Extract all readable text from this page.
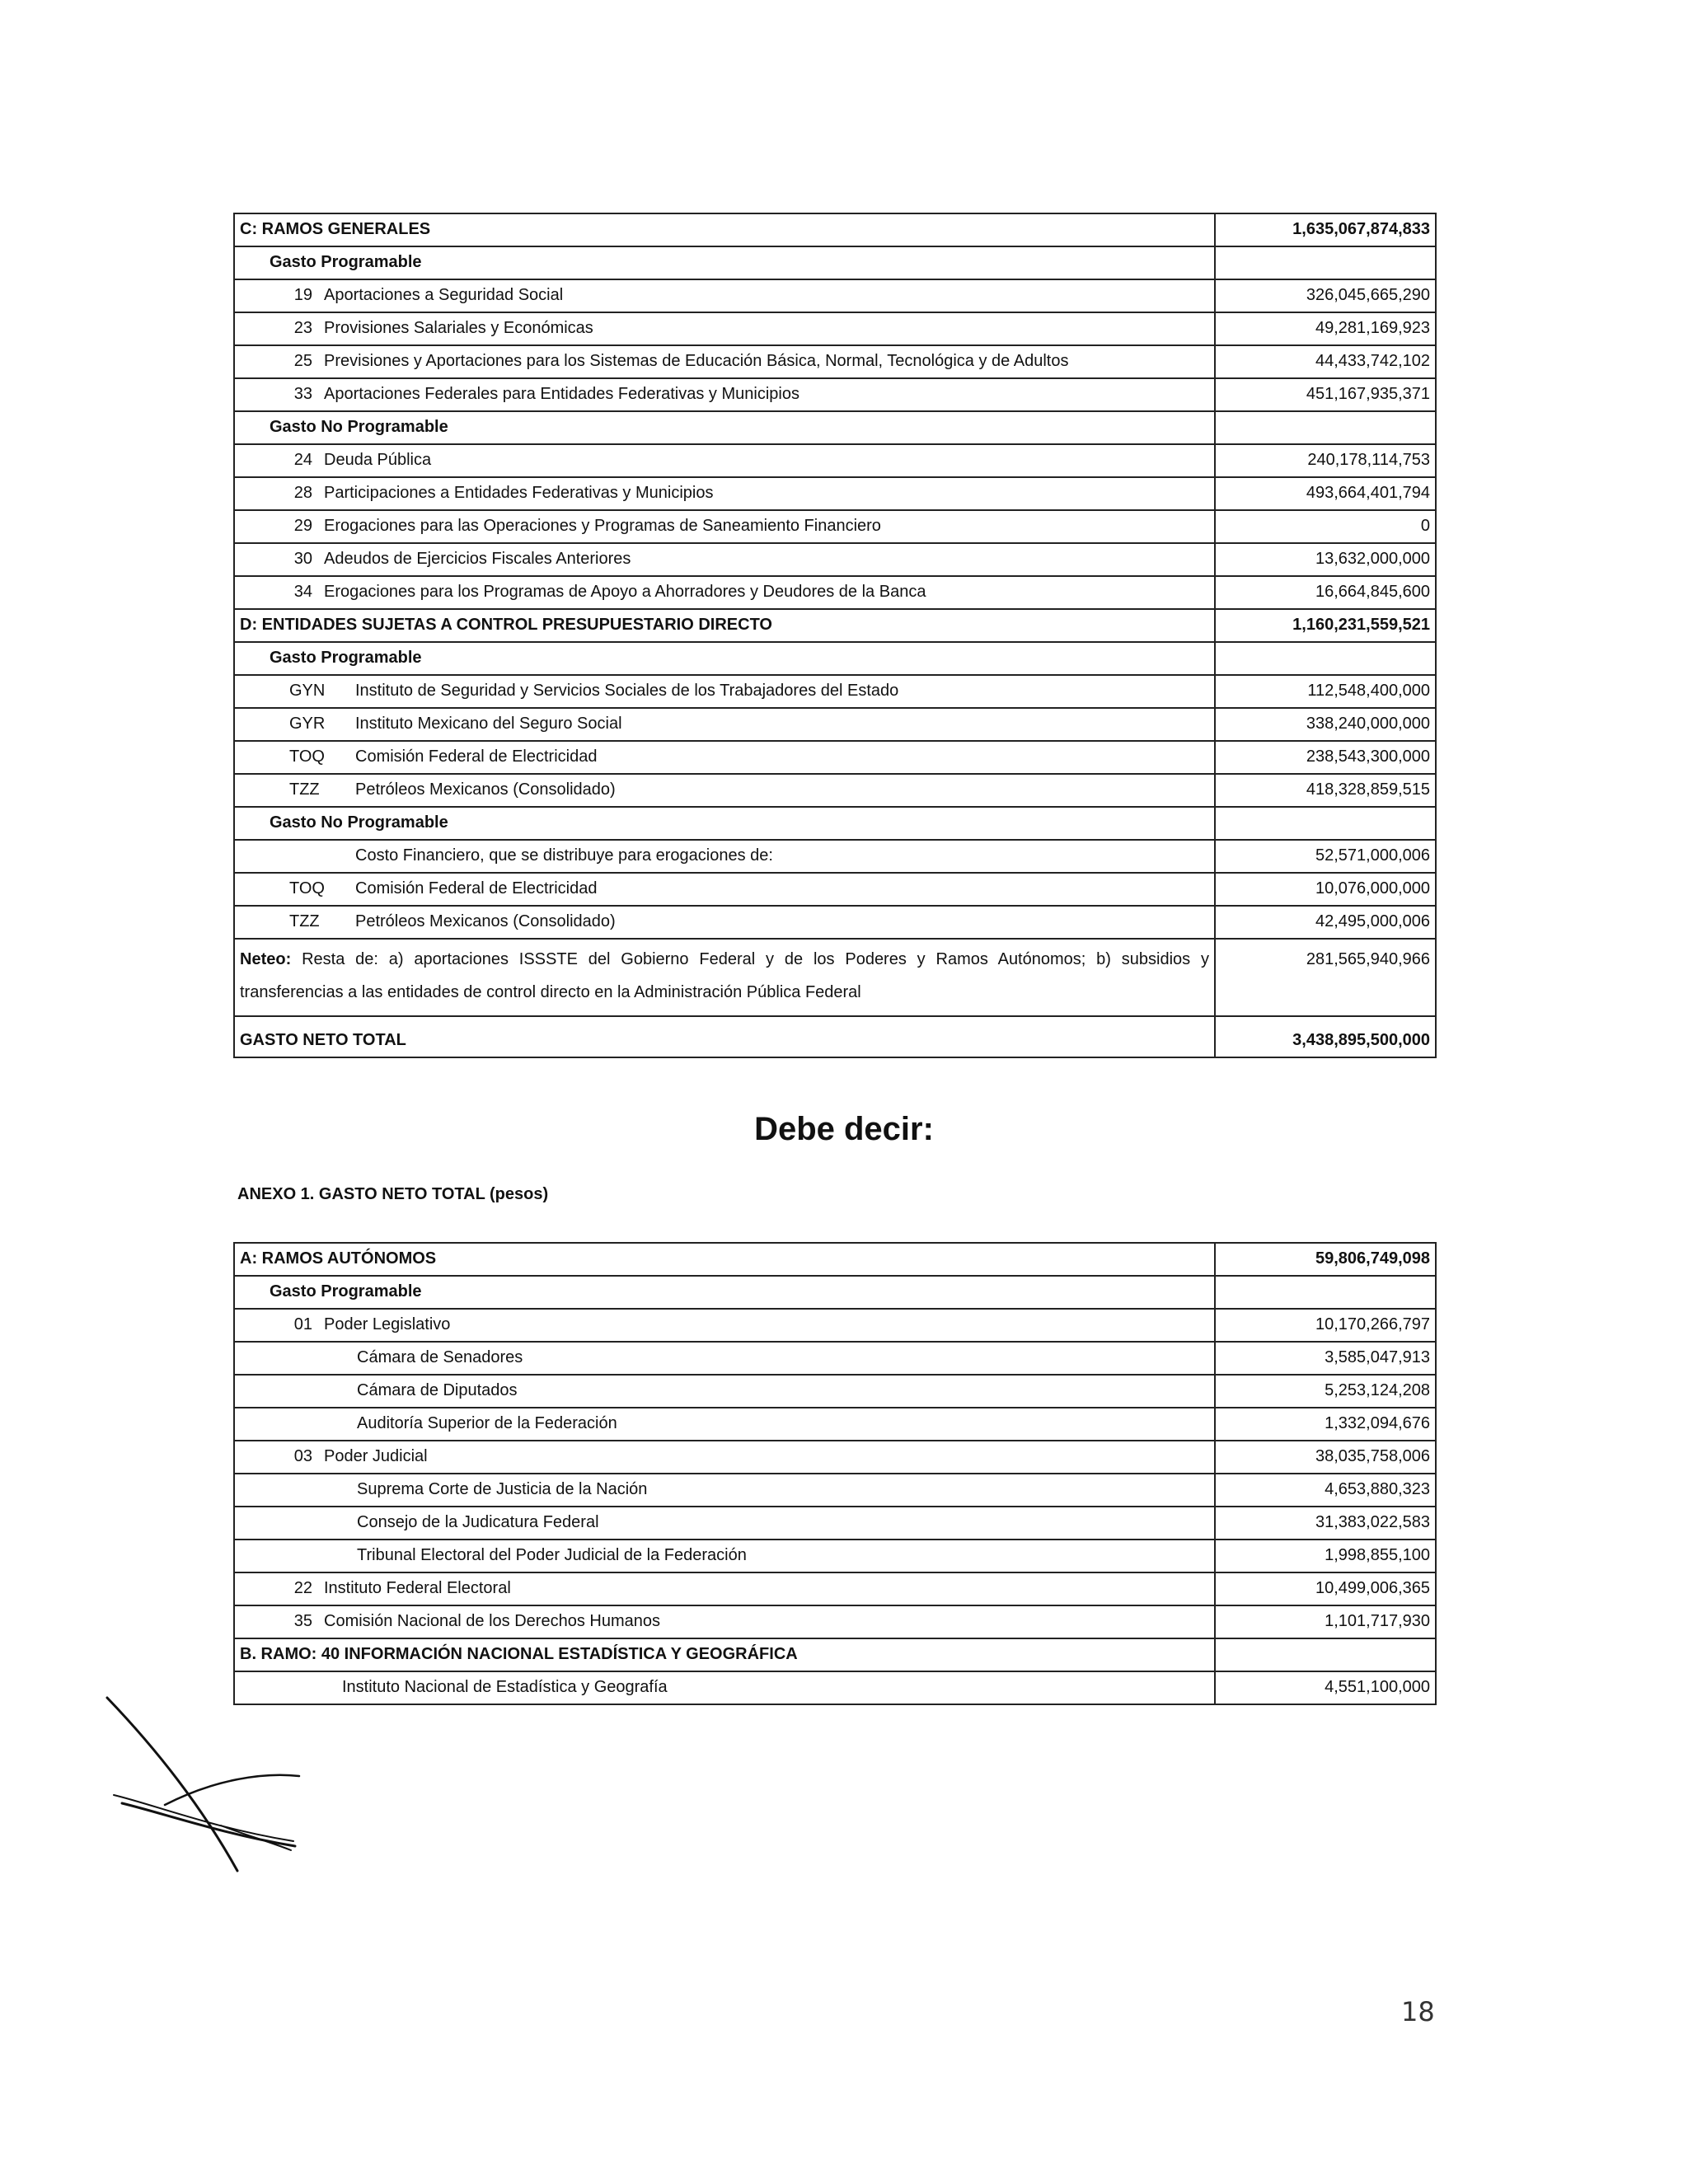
C: RAMOS GENERALES	1,635,067,874,833
Gasto Programable	
19 Aportaciones a Seguridad Social	326,045,665,290
23 Provisiones Salariales y Económicas	49,281,169,923
25 Previsiones y Aportaciones para los Sistemas de Educación Básica, Normal, Tecnológica y de Adultos	44,433,742,102
33 Aportaciones Federales para Entidades Federativas y Municipios	451,167,935,371
Gasto No Programable	
24 Deuda Pública	240,178,114,753
28 Participaciones a Entidades Federativas y Municipios	493,664,401,794
29 Erogaciones para las Operaciones y Programas de Saneamiento Financiero	0
30 Adeudos de Ejercicios Fiscales Anteriores	13,632,000,000
34 Erogaciones para los Programas de Apoyo a Ahorradores y Deudores de la Banca	16,664,845,600
D: ENTIDADES SUJETAS A CONTROL PRESUPUESTARIO DIRECTO	1,160,231,559,521
Gasto Programable	
GYN Instituto de Seguridad y Servicios Sociales de los Trabajadores del Estado	112,548,400,000
GYR Instituto Mexicano del Seguro Social	338,240,000,000
TOQ Comisión Federal de Electricidad	238,543,300,000
TZZ Petróleos Mexicanos (Consolidado)	418,328,859,515
Gasto No Programable	
Costo Financiero, que se distribuye para erogaciones de:	52,571,000,006
TOQ Comisión Federal de Electricidad	10,076,000,000
TZZ Petróleos Mexicanos (Consolidado)	42,495,000,006
Neteo: Resta de: a) aportaciones ISSSTE del Gobierno Federal y de los Poderes y Ramos Autónomos; b) subsidios y transferencias a las entidades de control directo en la Administración Pública Federal	281,565,940,966
GASTO NETO TOTAL	3,438,895,500,000
Debe decir:
ANEXO 1. GASTO NETO TOTAL (pesos)
A: RAMOS AUTÓNOMOS	59,806,749,098
Gasto Programable	
01 Poder Legislativo	10,170,266,797
Cámara de Senadores	3,585,047,913
Cámara de Diputados	5,253,124,208
Auditoría Superior de la Federación	1,332,094,676
03 Poder Judicial	38,035,758,006
Suprema Corte de Justicia de la Nación	4,653,880,323
Consejo de la Judicatura Federal	31,383,022,583
Tribunal Electoral del Poder Judicial de la Federación	1,998,855,100
22 Instituto Federal Electoral	10,499,006,365
35 Comisión Nacional de los Derechos Humanos	1,101,717,930
B. RAMO: 40 INFORMACIÓN NACIONAL ESTADÍSTICA Y GEOGRÁFICA	
Instituto Nacional de Estadística y Geografía	4,551,100,000
18
